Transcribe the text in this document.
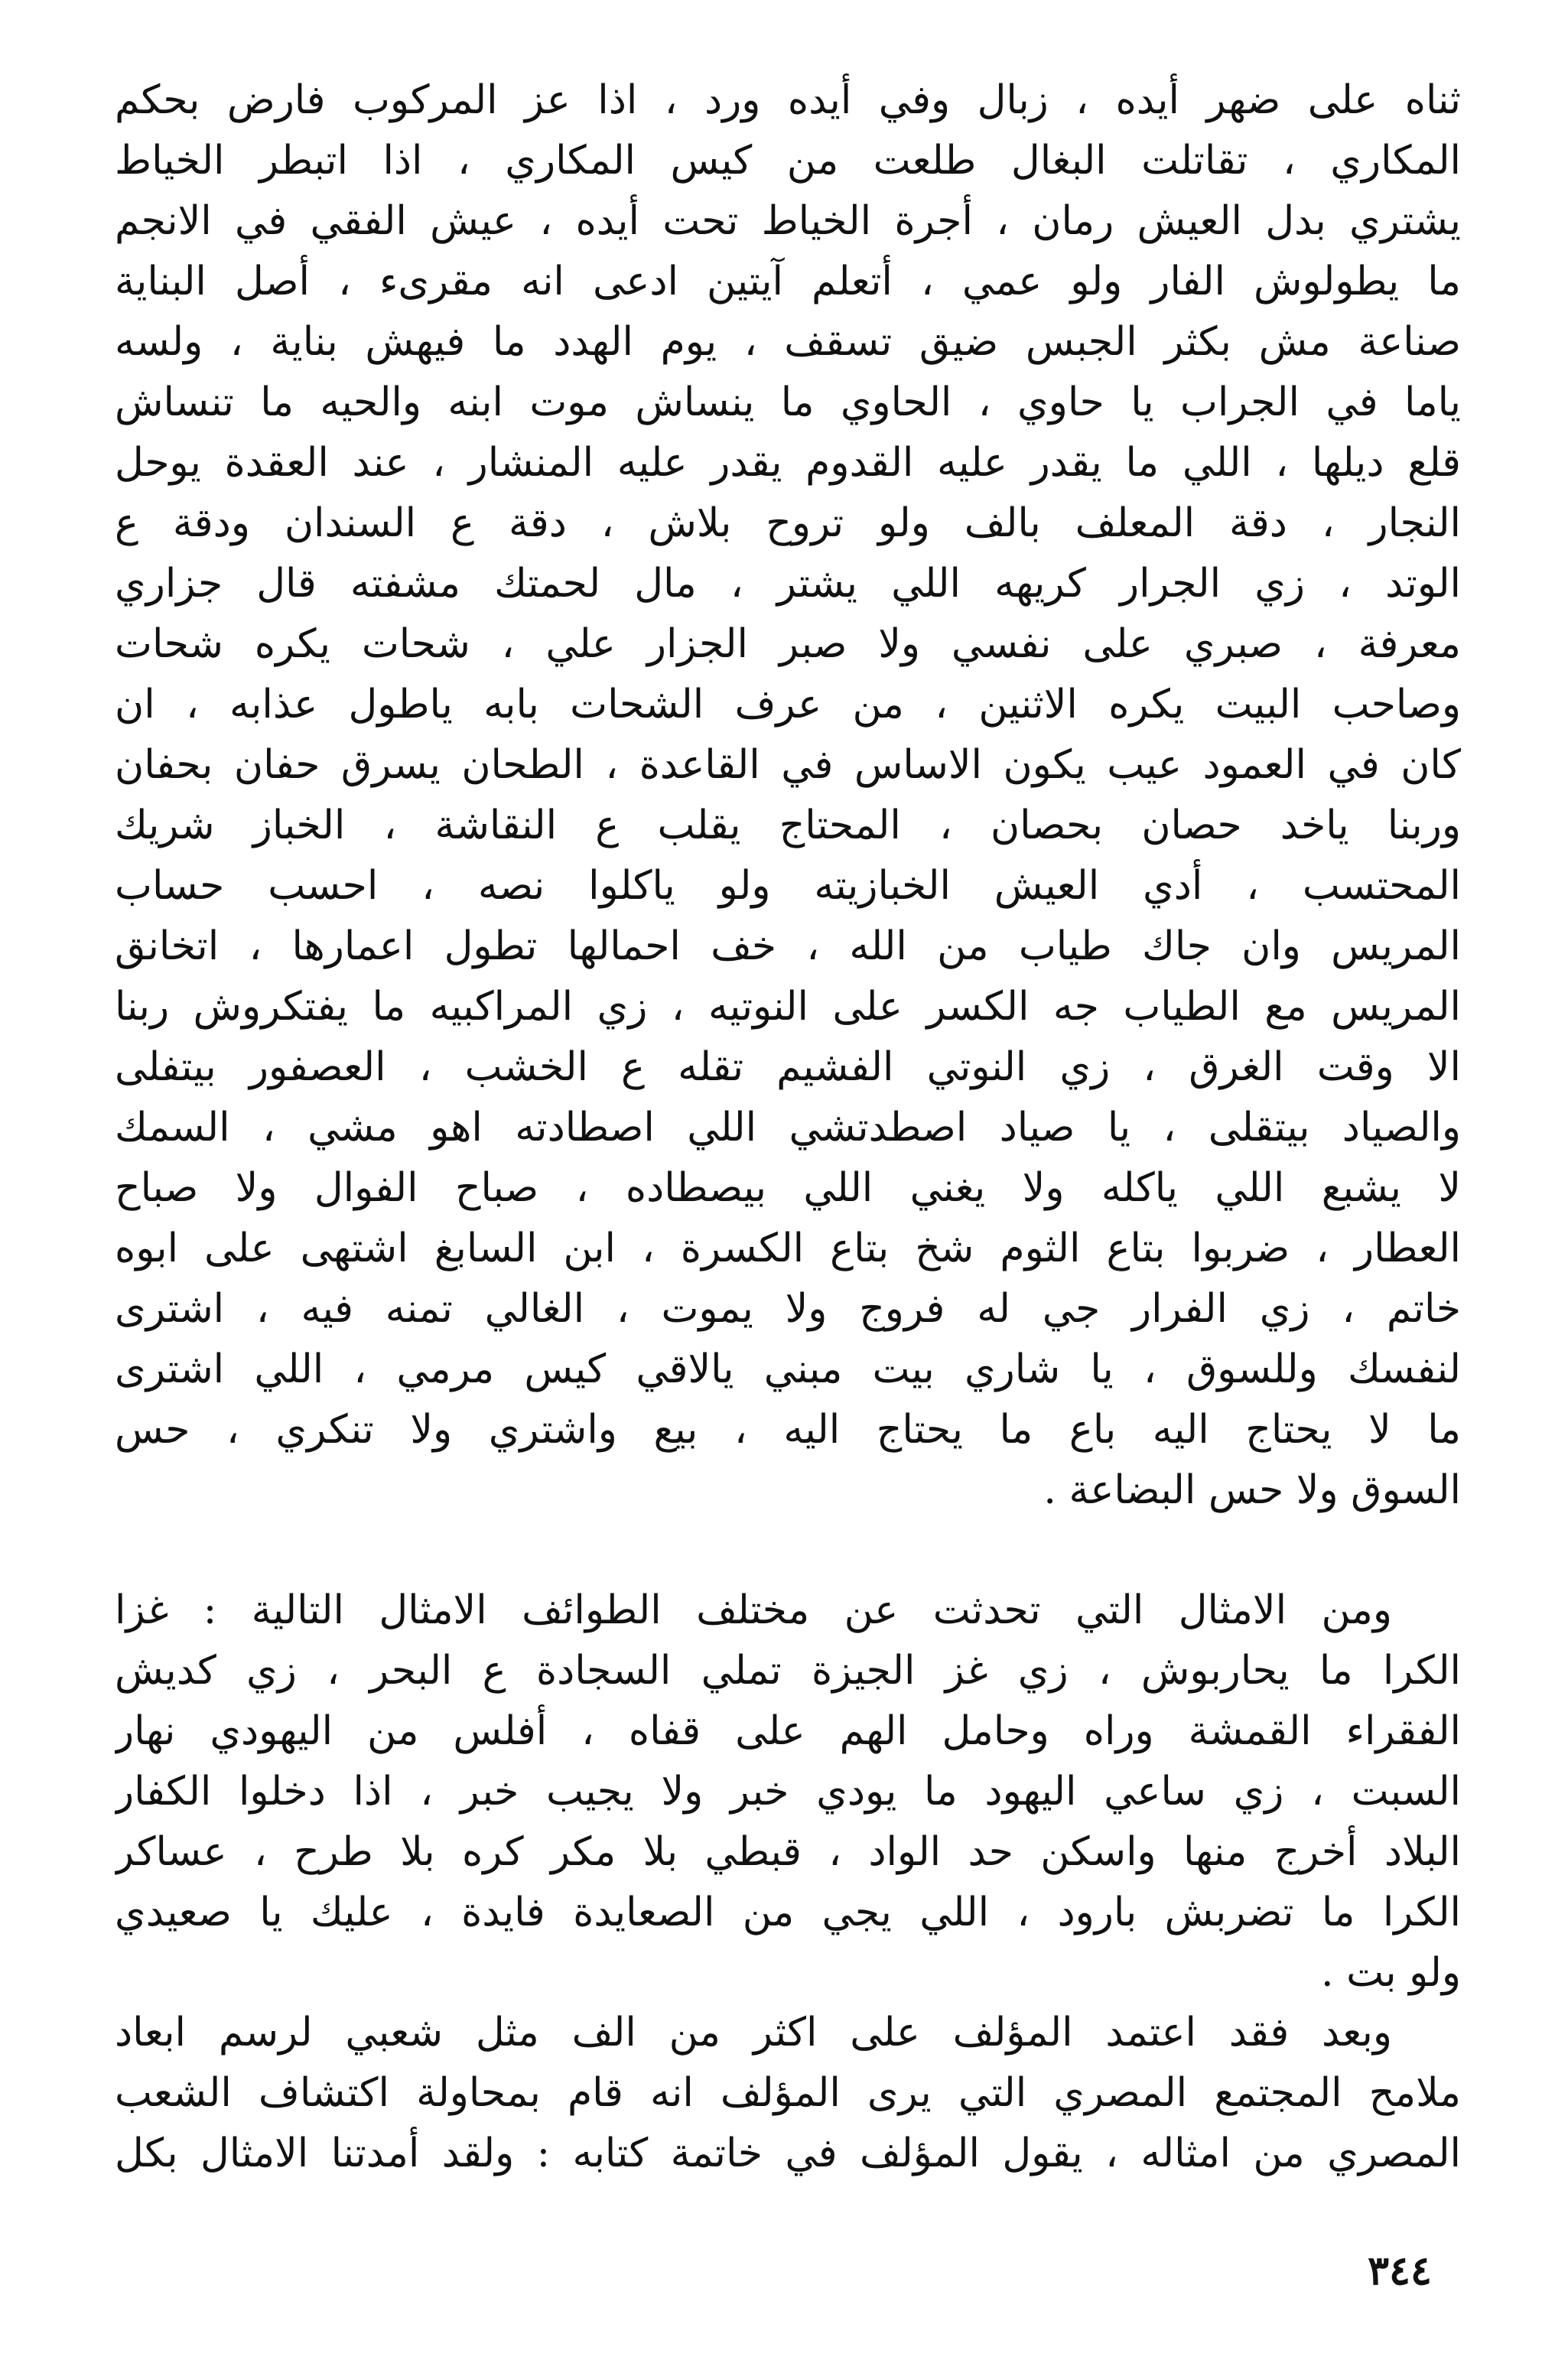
ثناه على ضهر أيده ، زبال وفي أيده ورد ، اذا عز المركوب فارض بحكم
المكاري ، تقاتلت البغال طلعت من كيس المكاري ، اذا اتبطر الخياط
يشتري بدل العيش رمان ، أجرة الخياط تحت أيده ، عيش الفقي في الانجم
ما يطولوش الفار ولو عمي ، أتعلم آيتين ادعى انه مقرىء ، أصل البناية
صناعة مش بكثر الجبس ضيق تسقف ، يوم الهدد ما فيهش بناية ، ولسه
ياما في الجراب يا حاوي ، الحاوي ما ينساش موت ابنه والحيه ما تنساش
قلع ديلها ، اللي ما يقدر عليه القدوم يقدر عليه المنشار ، عند العقدة يوحل
النجار ، دقة المعلف بالف ولو تروح بلاش ، دقة ع السندان ودقة ع
الوتد ، زي الجرار كريهه اللي يشتر ، مال لحمتك مشفته قال جزاري
معرفة ، صبري على نفسي ولا صبر الجزار علي ، شحات يكره شحات
وصاحب البيت يكره الاثنين ، من عرف الشحات بابه ياطول عذابه ، ان
كان في العمود عيب يكون الاساس في القاعدة ، الطحان يسرق حفان بحفان
وربنا ياخد حصان بحصان ، المحتاج يقلب ع النقاشة ، الخباز شريك
المحتسب ، أدي العيش الخبازيته ولو ياكلوا نصه ، احسب حساب
المريس وان جاك طياب من الله ، خف احمالها تطول اعمارها ، اتخانق
المريس مع الطياب جه الكسر على النوتيه ، زي المراكبيه ما يفتكروش ربنا
الا وقت الغرق ، زي النوتي الفشيم تقله ع الخشب ، العصفور بيتفلى
والصياد بيتقلى ، يا صياد اصطدتشي اللي اصطادته اهو مشي ، السمك
لا يشبع اللي ياكله ولا يغني اللي بيصطاده ، صباح الفوال ولا صباح
العطار ، ضربوا بتاع الثوم شخ بتاع الكسرة ، ابن السابغ اشتهى على ابوه
خاتم ، زي الفرار جي له فروج ولا يموت ، الغالي تمنه فيه ، اشترى
لنفسك وللسوق ، يا شاري بيت مبني يالاقي كيس مرمي ، اللي اشترى
ما لا يحتاج اليه باع ما يحتاج اليه ، بيع واشتري ولا تنكري ، حس
السوق ولا حس البضاعة .
ومن الامثال التي تحدثت عن مختلف الطوائف الامثال التالية : غزا
الكرا ما يحاربوش ، زي غز الجيزة تملي السجادة ع البحر ، زي كديش
الفقراء القمشة وراه وحامل الهم على قفاه ، أفلس من اليهودي نهار
السبت ، زي ساعي اليهود ما يودي خبر ولا يجيب خبر ، اذا دخلوا الكفار
البلاد أخرج منها واسكن حد الواد ، قبطي بلا مكر كره بلا طرح ، عساكر
الكرا ما تضربش بارود ، اللي يجي من الصعايدة فايدة ، عليك يا صعيدي
ولو بت .
وبعد فقد اعتمد المؤلف على اكثر من الف مثل شعبي لرسم ابعاد
ملامح المجتمع المصري التي يرى المؤلف انه قام بمحاولة اكتشاف الشعب
المصري من امثاله ، يقول المؤلف في خاتمة كتابه : ولقد أمدتنا الامثال بكل
٣٤٤
